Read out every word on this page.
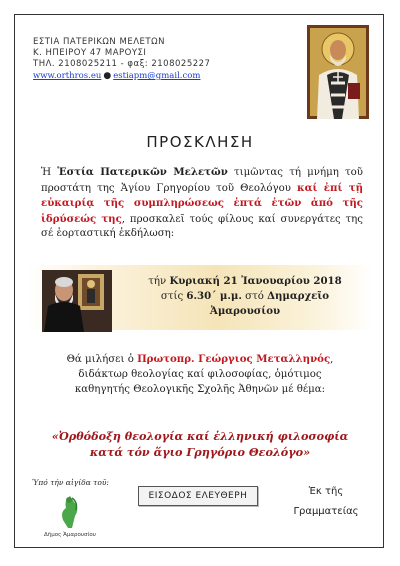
ΕΣΤΙΑ ΠΑΤΕΡΙΚΩΝ ΜΕΛΕΤΩΝ
Κ. ΗΠΕΙΡΟΥ 47 ΜΑΡΟΥΣΙ
ΤΗΛ. 2108025211 - φαξ: 2108025227
www.orthros.eu ● estiapm@gmail.com
ΠΡΟΣΚΛΗΣΗ
Ἡ Ἑστία Πατερικῶν Μελετῶν τιμῶντας τή μνήμη τοῦ προστάτη της Ἁγίου Γρηγορίου τοῦ Θεολόγου καί ἐπί τῇ εὐκαιρίᾳ τῆς συμπληρώσεως ἑπτά ἐτῶν ἀπό τῆς ἱδρύσεώς της, προσκαλεῖ τούς φίλους καί συνεργάτες της σέ ἑορταστική ἐκδήλωση:
τήν Κυριακή 21 Ἰανουαρίου 2018
στίς 6.30΄ μ.μ. στό Δημαρχεῖο
Ἀμαρουσίου
Θά μιλήσει ὁ Πρωτοπρ. Γεώργιος Μεταλληνός,
διδάκτωρ θεολογίας καί φιλοσοφίας, ὁμότιμος
καθηγητής Θεολογικῆς Σχολῆς Ἀθηνῶν μέ θέμα:
«Ὀρθόδοξη θεολογία καί ἑλληνική φιλοσοφία
κατά τόν ἅγιο Γρηγόριο Θεολόγο»
Ὑπό τήν αἰγίδα τοῦ:
Δῆμος Ἀμαρουσίου
ΕΙΣΟΔΟΣ ΕΛΕΥΘΕΡΗ	Ἐκ τῆς
Γραμματείας
